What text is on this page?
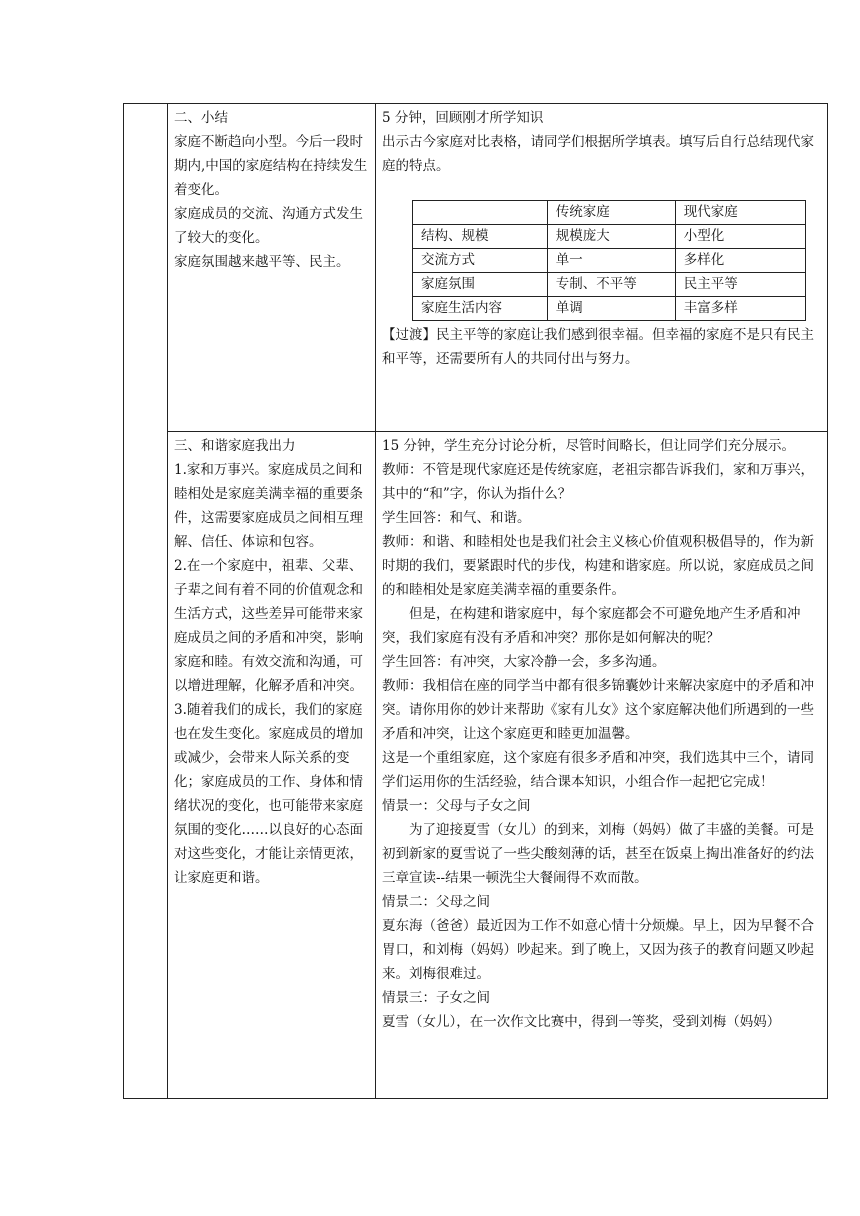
二、小结

家庭不断趋向小型。今后一段时期内,中国的家庭结构在持续发生着变化。

家庭成员的交流、沟通方式发生了较大的变化。

家庭氛围越来越平等、民主。

5 分钟，回顾刚才所学知识

出示古今家庭对比表格，请同学们根据所学填表。填写后自行总结现代家庭的特点。

	传统家庭	现代家庭
结构、规模	规模庞大	小型化
交流方式	单一	多样化
家庭氛围	专制、不平等	民主平等
家庭生活内容	单调	丰富多样

【过渡】民主平等的家庭让我们感到很幸福。但幸福的家庭不是只有民主和平等，还需要所有人的共同付出与努力。

三、和谐家庭我出力

1.家和万事兴。家庭成员之间和睦相处是家庭美满幸福的重要条件，这需要家庭成员之间相互理解、信任、体谅和包容。

2.在一个家庭中，祖辈、父辈、子辈之间有着不同的价值观念和生活方式，这些差异可能带来家庭成员之间的矛盾和冲突，影响家庭和睦。有效交流和沟通，可以增进理解，化解矛盾和冲突。

3.随着我们的成长，我们的家庭也在发生变化。家庭成员的增加或减少，会带来人际关系的变化；家庭成员的工作、身体和情绪状况的变化，也可能带来家庭氛围的变化……以良好的心态面对这些变化，才能让亲情更浓，让家庭更和谐。

15 分钟，学生充分讨论分析，尽管时间略长，但让同学们充分展示。

教师：不管是现代家庭还是传统家庭，老祖宗都告诉我们，家和万事兴，其中的“和”字，你认为指什么？

学生回答：和气、和谐。

教师：和谐、和睦相处也是我们社会主义核心价值观积极倡导的，作为新时期的我们，要紧跟时代的步伐，构建和谐家庭。所以说，家庭成员之间的和睦相处是家庭美满幸福的重要条件。

但是，在构建和谐家庭中，每个家庭都会不可避免地产生矛盾和冲突，我们家庭有没有矛盾和冲突？那你是如何解决的呢？

学生回答：有冲突，大家冷静一会，多多沟通。

教师：我相信在座的同学当中都有很多锦囊妙计来解决家庭中的矛盾和冲突。请你用你的妙计来帮助《家有儿女》这个家庭解决他们所遇到的一些矛盾和冲突，让这个家庭更和睦更加温馨。

这是一个重组家庭，这个家庭有很多矛盾和冲突，我们选其中三个，请同学们运用你的生活经验，结合课本知识，小组合作一起把它完成！

情景一：父母与子女之间

为了迎接夏雪（女儿）的到来，刘梅（妈妈）做了丰盛的美餐。可是初到新家的夏雪说了一些尖酸刻薄的话，甚至在饭桌上掏出准备好的约法三章宣读--结果一顿洗尘大餐闹得不欢而散。

情景二：父母之间

夏东海（爸爸）最近因为工作不如意心情十分烦燥。早上，因为早餐不合胃口，和刘梅（妈妈）吵起来。到了晚上，又因为孩子的教育问题又吵起来。刘梅很难过。

情景三：子女之间

夏雪（女儿），在一次作文比赛中，得到一等奖，受到刘梅（妈妈）
